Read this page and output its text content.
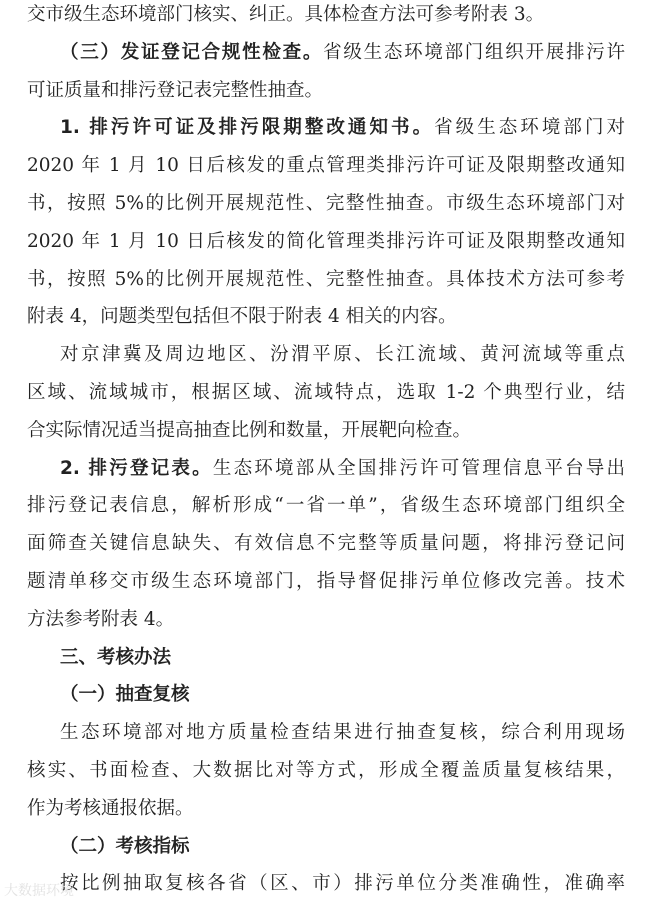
交市级生态环境部门核实、纠正。具体检查方法可参考附表 3。
（三）发证登记合规性检查。省级生态环境部门组织开展排污许
可证质量和排污登记表完整性抽查。
1. 排污许可证及排污限期整改通知书。省级生态环境部门对
2020 年 1 月 10 日后核发的重点管理类排污许可证及限期整改通知
书，按照 5%的比例开展规范性、完整性抽查。市级生态环境部门对
2020 年 1 月 10 日后核发的简化管理类排污许可证及限期整改通知
书，按照 5%的比例开展规范性、完整性抽查。具体技术方法可参考
附表 4，问题类型包括但不限于附表 4 相关的内容。
对京津冀及周边地区、汾渭平原、长江流域、黄河流域等重点
区域、流域城市，根据区域、流域特点，选取 1-2 个典型行业，结
合实际情况适当提高抽查比例和数量，开展靶向检查。
2. 排污登记表。生态环境部从全国排污许可管理信息平台导出
排污登记表信息，解析形成“一省一单”，省级生态环境部门组织全
面筛查关键信息缺失、有效信息不完整等质量问题，将排污登记问
题清单移交市级生态环境部门，指导督促排污单位修改完善。技术
方法参考附表 4。
三、考核办法
（一）抽查复核
生态环境部对地方质量检查结果进行抽查复核，综合利用现场
核实、书面检查、大数据比对等方式，形成全覆盖质量复核结果，
作为考核通报依据。
（二）考核指标
按比例抽取复核各省（区、市）排污单位分类准确性，准确率
大数据环境
